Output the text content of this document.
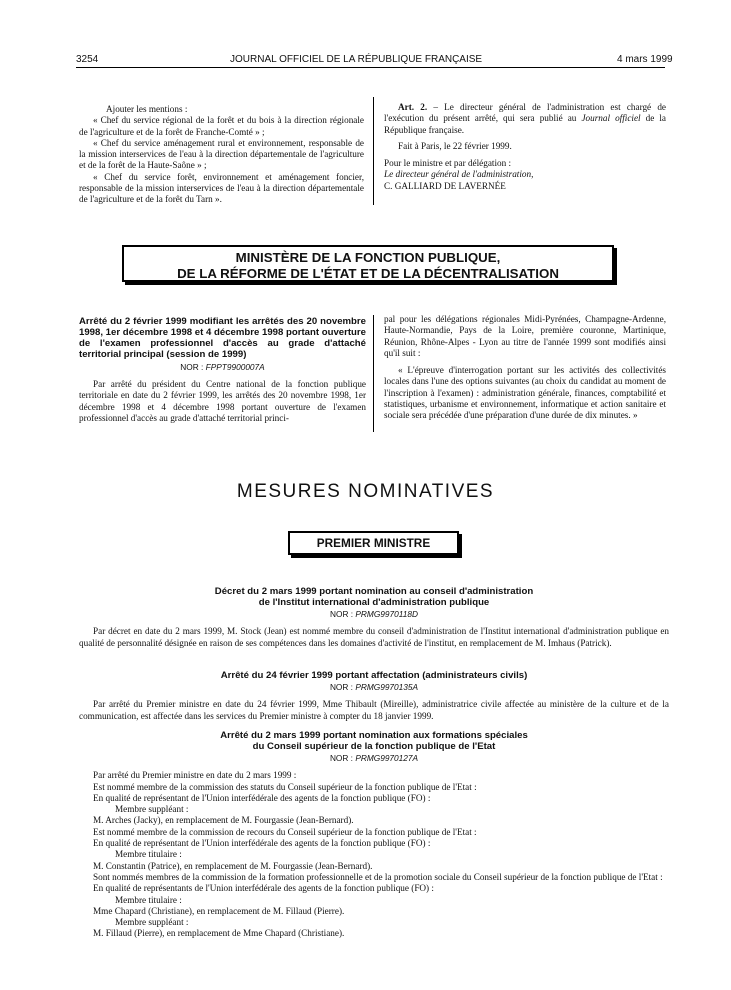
3254	JOURNAL OFFICIEL DE LA RÉPUBLIQUE FRANÇAISE	4 mars 1999

Ajouter les mentions :

« Chef du service régional de la forêt et du bois à la direction régionale de l'agriculture et de la forêt de Franche-Comté » ;

« Chef du service aménagement rural et environnement, responsable de la mission interservices de l'eau à la direction départementale de l'agriculture et de la forêt de la Haute-Saône » ;

« Chef du service forêt, environnement et aménagement foncier, responsable de la mission interservices de l'eau à la direction départementale de l'agriculture et de la forêt du Tarn ».

Art. 2. – Le directeur général de l'administration est chargé de l'exécution du présent arrêté, qui sera publié au Journal officiel de la République française.

Fait à Paris, le 22 février 1999.

Pour le ministre et par délégation :

Le directeur général de l'administration,

C. GALLIARD DE LAVERNÉE

MINISTÈRE DE LA FONCTION PUBLIQUE,
DE LA RÉFORME DE L'ÉTAT ET DE LA DÉCENTRALISATION
Arrêté du 2 février 1999 modifiant les arrêtés des 20 novembre 1998, 1er décembre 1998 et 4 décembre 1998 portant ouverture de l'examen professionnel d'accès au grade d'attaché territorial principal (session de 1999)
NOR : FPPT9900007A

Par arrêté du président du Centre national de la fonction publique territoriale en date du 2 février 1999, les arrêtés des 20 novembre 1998, 1er décembre 1998 et 4 décembre 1998 portant ouverture de l'examen professionnel d'accès au grade d'attaché territorial princi-

pal pour les délégations régionales Midi-Pyrénées, Champagne-Ardenne, Haute-Normandie, Pays de la Loire, première couronne, Martinique, Réunion, Rhône-Alpes - Lyon au titre de l'année 1999 sont modifiés ainsi qu'il suit :

« L'épreuve d'interrogation portant sur les activités des collectivités locales dans l'une des options suivantes (au choix du candidat au moment de l'inscription à l'examen) : administration générale, finances, comptabilité et statistiques, urbanisme et environnement, informatique et action sanitaire et sociale sera précédée d'une préparation d'une durée de dix minutes. »

MESURES NOMINATIVES
PREMIER MINISTRE
Décret du 2 mars 1999 portant nomination au conseil d'administration
de l'Institut international d'administration publique
NOR : PRMG9970118D

Par décret en date du 2 mars 1999, M. Stock (Jean) est nommé membre du conseil d'administration de l'Institut international d'administration publique en qualité de personnalité désignée en raison de ses compétences dans les domaines d'activité de l'institut, en remplacement de M. Imhaus (Patrick).

Arrêté du 24 février 1999 portant affectation (administrateurs civils)
NOR : PRMG9970135A

Par arrêté du Premier ministre en date du 24 février 1999, Mme Thibault (Mireille), administratrice civile affectée au ministère de la culture et de la communication, est affectée dans les services du Premier ministre à compter du 18 janvier 1999.

Arrêté du 2 mars 1999 portant nomination aux formations spéciales
du Conseil supérieur de la fonction publique de l'Etat
NOR : PRMG9970127A

Par arrêté du Premier ministre en date du 2 mars 1999 :

Est nommé membre de la commission des statuts du Conseil supérieur de la fonction publique de l'Etat :

En qualité de représentant de l'Union interfédérale des agents de la fonction publique (FO) :

Membre suppléant :

M. Arches (Jacky), en remplacement de M. Fourgassie (Jean-Bernard).

Est nommé membre de la commission de recours du Conseil supérieur de la fonction publique de l'Etat :

En qualité de représentant de l'Union interfédérale des agents de la fonction publique (FO) :

Membre titulaire :

M. Constantin (Patrice), en remplacement de M. Fourgassie (Jean-Bernard).

Sont nommés membres de la commission de la formation professionnelle et de la promotion sociale du Conseil supérieur de la fonction publique de l'Etat :

En qualité de représentants de l'Union interfédérale des agents de la fonction publique (FO) :

Membre titulaire :

Mme Chapard (Christiane), en remplacement de M. Fillaud (Pierre).

Membre suppléant :

M. Fillaud (Pierre), en remplacement de Mme Chapard (Christiane).
